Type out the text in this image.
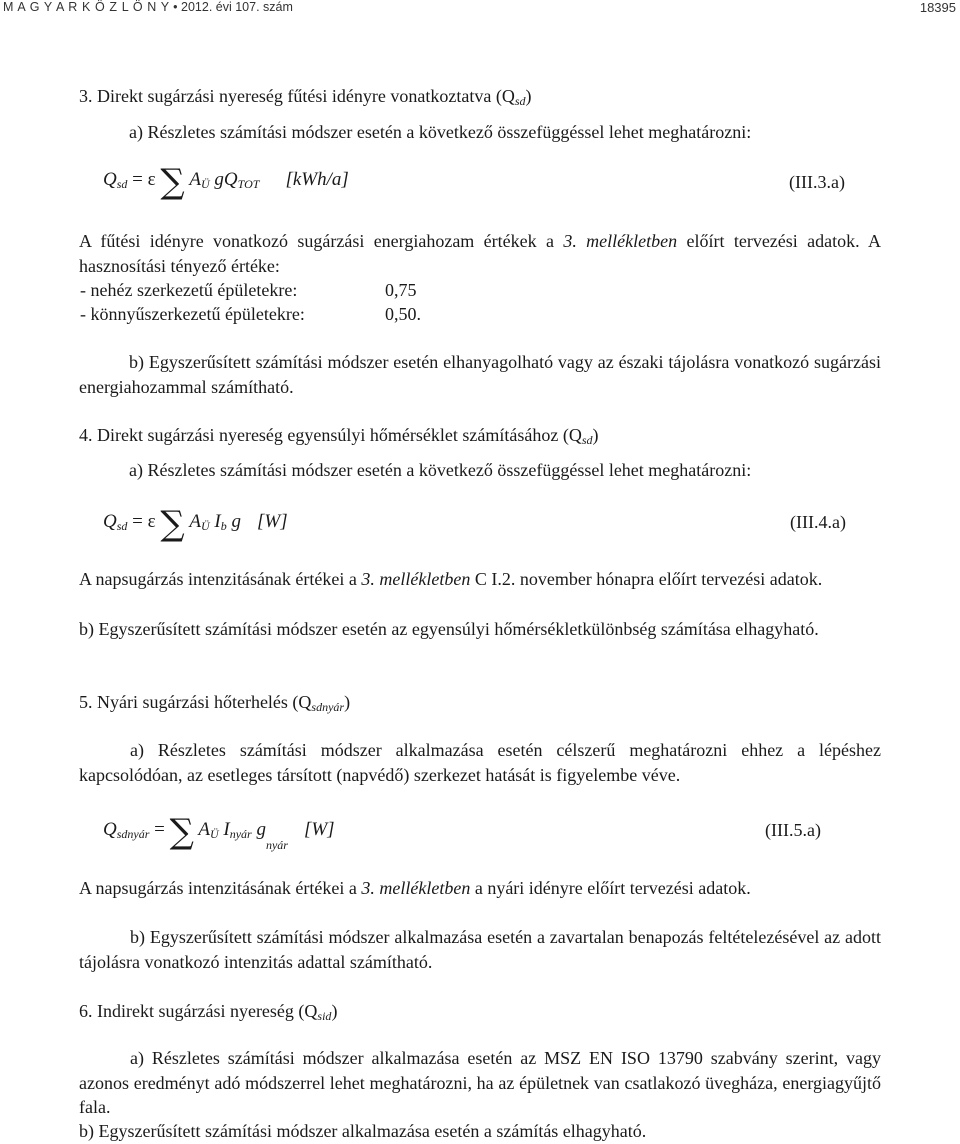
M A G Y A R K Ö Z L Ö N Y • 2012. évi 107. szám	18395
3. Direkt sugárzási nyereség fűtési idényre vonatkoztatva $(Q_{sd})$
a) Részletes számítási módszer esetén a következő összefüggéssel lehet meghatározni:
$Q_{sd} = \varepsilon$ ∑ $A_Ü$ $gQ_{TOT}$ [kWh/a]	(III.3.a)
A fűtési idényre vonatkozó sugárzási energiahozam értékek a 3. mellékletben előírt tervezési adatok. A hasznosítási tényező értéke:
- nehéz szerkezetű épületekre:	0,75
- könnyűszerkezetű épületekre:	0,50.
b) Egyszerűsített számítási módszer esetén elhanyagolható vagy az északi tájolásra vonatkozó sugárzási energiahozammal számítható.
4. Direkt sugárzási nyereség egyensúlyi hőmérséklet számításához $(Q_{sd})$
a) Részletes számítási módszer esetén a következő összefüggéssel lehet meghatározni:
$Q_{sd} = \varepsilon$ ∑ $A_Ü$ $I_b$ g [W]	(III.4.a)
A napsugárzás intenzitásának értékei a 3. mellékletben C I.2. november hónapra előírt tervezési adatok.
b) Egyszerűsített számítási módszer esetén az egyensúlyi hőmérsékletkülönbség számítása elhagyható.
5. Nyári sugárzási hőterhelés $(Q_{sdnyár})$
a) Részletes számítási módszer alkalmazása esetén célszerű meghatározni ehhez a lépéshez kapcsolódóan, az esetleges társított (napvédő) szerkezet hatását is figyelembe véve.
$Q_{sdnyár}$ = ∑ $A_Ü$ $I_{nyár}$ $g_{nyár}[W]$	(III.5.a)
A napsugárzás intenzitásának értékei a 3. mellékletben a nyári idényre előírt tervezési adatok.
b) Egyszerűsített számítási módszer alkalmazása esetén a zavartalan benapozás feltételezésével az adott tájolásra vonatkozó intenzitás adattal számítható.
6. Indirekt sugárzási nyereség $(Q_{sid})$
a) Részletes számítási módszer alkalmazása esetén az MSZ EN ISO 13790 szabvány szerint, vagy azonos eredményt adó módszerrel lehet meghatározni, ha az épületnek van csatlakozó üvegháza, energiagyűjtő fala.
b) Egyszerűsített számítási módszer alkalmazása esetén a számítás elhagyható.
